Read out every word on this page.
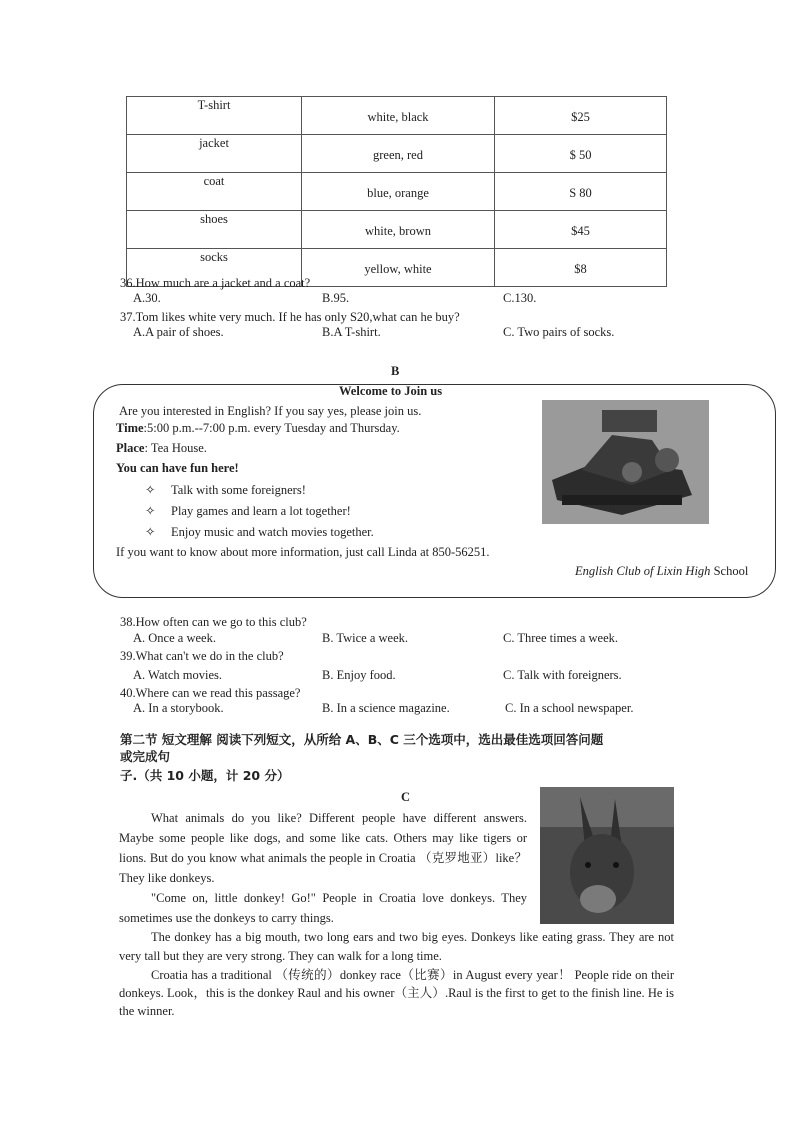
T-shirt	white, black	$25
jacket	green, red	$ 50
coat	blue, orange	S 80
shoes	white, brown	$45
socks	yellow, white	$8
36.How much are a jacket and a coat?
A.30.	B.95.	C.130.
37.Tom likes white very much. If he has only S20,what can he buy?
A.A pair of shoes.	B.A T-shirt.	C. Two pairs of socks.
B
Welcome to Join us
Are you interested in English? If you say yes, please join us.
Time:5:00 p.m.--7:00 p.m. every Tuesday and Thursday.
Place: Tea House.
You can have fun here!
✧ Talk with some foreigners!
✧ Play games and learn a lot together!
✧ Enjoy music and watch movies together.
If you want to know about more information, just call Linda at 850-56251.
English Club of Lixin High School
38.How often can we go to this club?
A. Once a week.	B. Twice a week.	C. Three times a week.
39.What can't we do in the club?
A. Watch movies.	B. Enjoy food.	C. Talk with foreigners.
40.Where can we read this passage?
A. In a storybook.	B. In a science magazine.	C. In a school newspaper.
第二节 短文理解 阅读下列短文，从所给 A、B、C 三个选项中，选出最佳选项回答问题
或完成句
子.（共 10 小题，计 20 分）
C
What animals do you like? Different people have different answers. Maybe some people like dogs, and some like cats. Others may like tigers or lions. But do you know what animals the people in Croatia （克罗地亚）like？They like donkeys.
"Come on, little donkey! Go!" People in Croatia love donkeys. They sometimes use the donkeys to carry things.
The donkey has a big mouth, two long ears and two big eyes. Donkeys like eating grass. They are not very tall but they are very strong. They can walk for a long time.
Croatia has a traditional （传统的）donkey race（比赛）in August every year！ People ride on their donkeys. Look，this is the donkey Raul and his owner（主人）.Raul is the first to get to the finish line. He is the winner.
